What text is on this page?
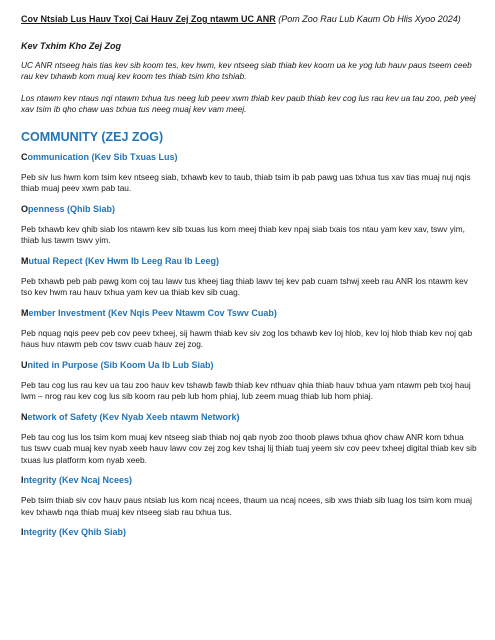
Cov Ntsiab Lus Hauv Txoj Cai Hauv Zej Zog ntawm UC ANR (Pom Zoo Rau Lub Kaum Ob Hlis Xyoo 2024)
Kev Txhim Kho Zej Zog

UC ANR ntseeg hais tias kev sib koom tes, kev hwm, kev ntseeg siab thiab kev koom ua ke yog lub hauv paus tseem ceeb rau kev txhawb kom muaj kev koom tes thiab tsim kho tshiab.

Los ntawm kev ntaus nqi ntawm txhua tus neeg lub peev xwm thiab kev paub thiab kev cog lus rau kev ua tau zoo, peb yeej xav tsim ib qho chaw uas txhua tus neeg muaj kev vam meej.

COMMUNITY (ZEJ ZOG)
Communication (Kev Sib Txuas Lus)

Peb siv lus hwm kom tsim kev ntseeg siab, txhawb kev to taub, thiab tsim ib pab pawg uas txhua tus xav tias muaj nuj nqis thiab muaj peev xwm pab tau.

Openness (Qhib Siab)

Peb txhawb kev qhib siab los ntawm kev sib txuas lus kom meej thiab kev npaj siab txais tos ntau yam kev xav, tswv yim, thiab lus tawm tswv yim.

Mutual Repect (Kev Hwm Ib Leeg Rau Ib Leeg)

Peb txhawb peb pab pawg kom coj tau lawv tus kheej tiag thiab lawv tej kev pab cuam tshwj xeeb rau ANR los ntawm kev tso kev hwm rau hauv txhua yam kev ua thiab kev sib cuag.

Member Investment (Kev Nqis Peev Ntawm Cov Tswv Cuab)

Peb nquag nqis peev peb cov peev txheej, sij hawm thiab kev siv zog los txhawb kev loj hlob, kev loj hlob thiab kev noj qab haus huv ntawm peb cov tswv cuab hauv zej zog.

United in Purpose (Sib Koom Ua Ib Lub Siab)

Peb tau cog lus rau kev ua tau zoo hauv kev tshawb fawb thiab kev nthuav qhia thiab hauv txhua yam ntawm peb txoj hauj lwm – nrog rau kev cog lus sib koom rau peb lub hom phiaj, lub zeem muag thiab lub hom phiaj.

Network of Safety (Kev Nyab Xeeb ntawm Network)

Peb tau cog lus los tsim kom muaj kev ntseeg siab thiab noj qab nyob zoo thoob plaws txhua qhov chaw ANR kom txhua tus tswv cuab muaj kev nyab xeeb hauv lawv cov zej zog kev tshaj lij thiab tuaj yeem siv cov peev txheej digital thiab kev sib txuas lus platform kom nyab xeeb.

Integrity (Kev Ncaj Ncees)

Peb tsim thiab siv cov hauv paus ntsiab lus kom ncaj ncees, thaum ua ncaj ncees, sib xws thiab sib luag los tsim kom muaj kev txhawb nqa thiab muaj kev ntseeg siab rau txhua tus.

Integrity (Kev Qhib Siab)
